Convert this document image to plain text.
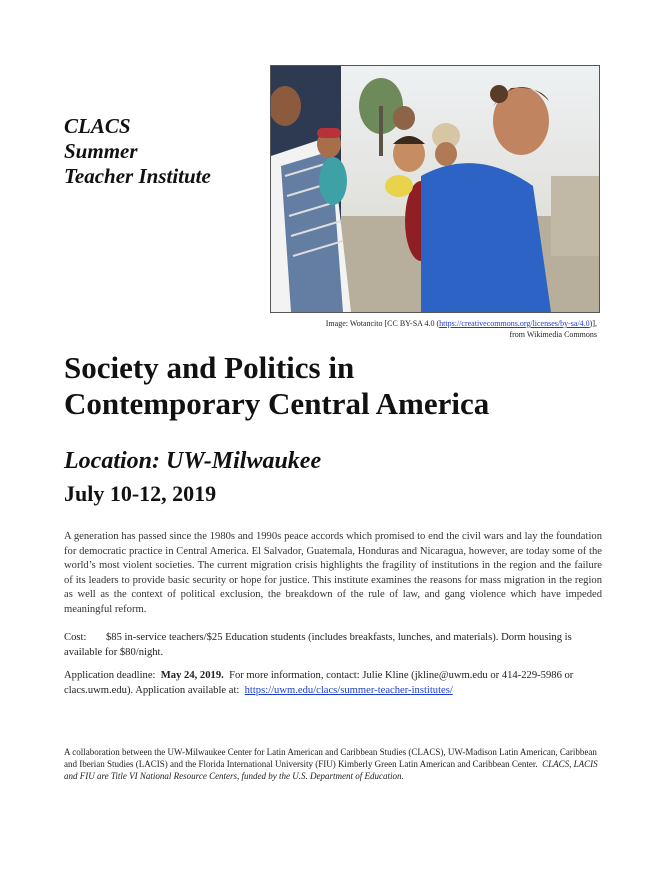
CLACS
Summer
Teacher Institute
Image: Wotancito [CC BY-SA 4.0 (https://creativecommons.org/licenses/by-sa/4.0)],
from Wikimedia Commons
Society and Politics in
Contemporary Central America
Location: UW-Milwaukee
July 10-12, 2019
A generation has passed since the 1980s and 1990s peace accords which promised to end the civil wars and lay the foundation for democratic practice in Central America. El Salvador, Guatemala, Honduras and Nicaragua, however, are today some of the world’s most violent societies. The current migration crisis highlights the fragility of institutions in the region and the failure of its leaders to provide basic security or hope for justice. This institute examines the reasons for mass migration in the region as well as the context of political exclusion, the breakdown of the rule of law, and gang violence which have impeded meaningful reform.
Cost: $85 in-service teachers/$25 Education students (includes breakfasts, lunches, and materials). Dorm housing is available for $80/night.
Application deadline: May 24, 2019. For more information, contact: Julie Kline (jkline@uwm.edu or 414-229-5986 or clacs.uwm.edu). Application available at: https://uwm.edu/clacs/summer-teacher-institutes/
A collaboration between the UW-Milwaukee Center for Latin American and Caribbean Studies (CLACS), UW-Madison Latin American, Caribbean and Iberian Studies (LACIS) and the Florida International University (FIU) Kimberly Green Latin American and Caribbean Center. CLACS, LACIS and FIU are Title VI National Resource Centers, funded by the U.S. Department of Education.
